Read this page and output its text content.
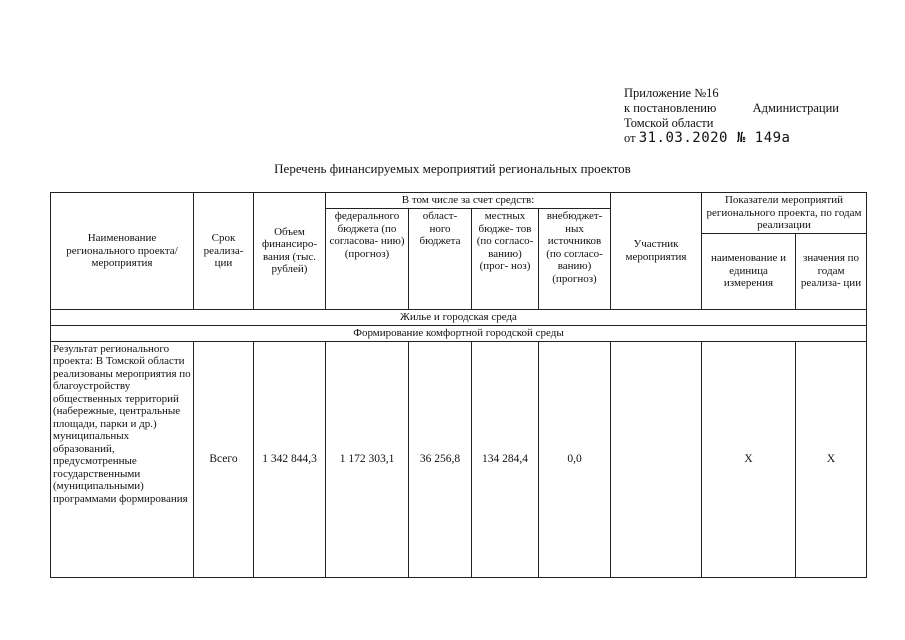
Приложение №16
к постановлению	Администрации
Томской области
от 31.03.2020 № 149а
Перечень финансируемых мероприятий региональных проектов
Наименование регионального проекта/мероприятия	Срок реализа- ции	Объем финансиро- вания (тыс. рублей)	В том числе за счет средств:				Участник мероприятия	Показатели мероприятий регионального проекта, по годам реализации	
			федерального бюджета (по согласова- нию) (прогноз)	област- ного бюджета	местных бюдже- тов (по согласо- ванию) (прог- ноз)	внебюджет- ных источников (по согласо- ванию) (прогноз)			
								наименование и единица измерения	значения по годам реализа- ции
Жилье и городская среда									
Формирование комфортной городской среды									
Результат регионального проекта: В Томской области реализованы мероприятия по благоустройству общественных территорий (набережные, центральные площади, парки и др.) муниципальных образований, предусмотренные государственными (муниципальными) программами формирования	Всего	1 342 844,3	1 172 303,1	36 256,8	134 284,4	0,0		X	X
